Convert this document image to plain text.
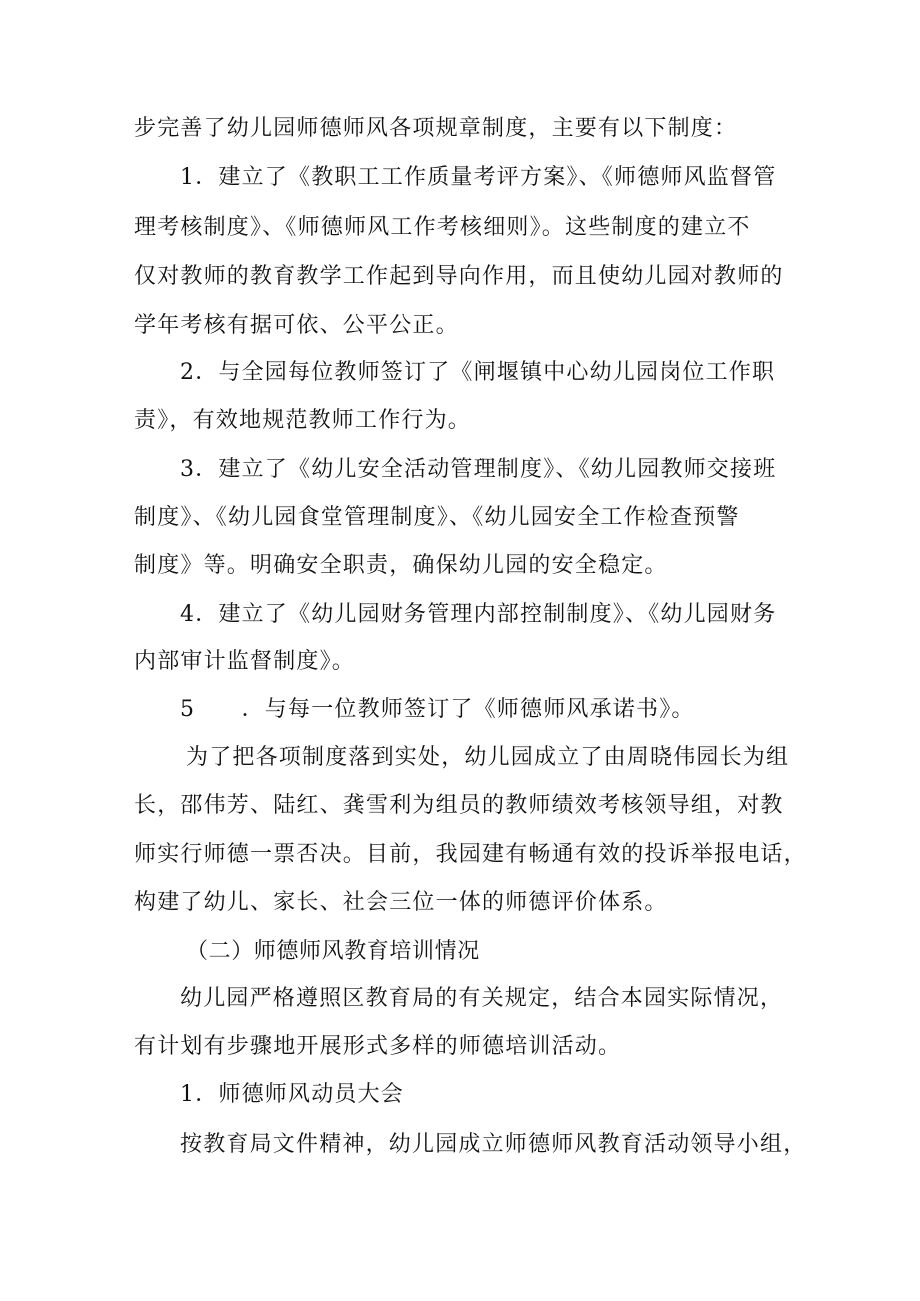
步完善了幼儿园师德师风各项规章制度，主要有以下制度：
1．建立了《教职工工作质量考评方案》、《师德师风监督管
理考核制度》、《师德师风工作考核细则》。这些制度的建立不
仅对教师的教育教学工作起到导向作用，而且使幼儿园对教师的
学年考核有据可依、公平公正。
2．与全园每位教师签订了《闸堰镇中心幼儿园岗位工作职
责》，有效地规范教师工作行为。
3．建立了《幼儿安全活动管理制度》、《幼儿园教师交接班
制度》、《幼儿园食堂管理制度》、《幼儿园安全工作检查预警
制度》等。明确安全职责，确保幼儿园的安全稳定。
4．建立了《幼儿园财务管理内部控制制度》、《幼儿园财务
内部审计监督制度》。
5　　．与每一位教师签订了《师德师风承诺书》。
为了把各项制度落到实处，幼儿园成立了由周晓伟园长为组
长，邵伟芳、陆红、龚雪利为组员的教师绩效考核领导组，对教
师实行师德一票否决。目前，我园建有畅通有效的投诉举报电话，
构建了幼儿、家长、社会三位一体的师德评价体系。
（二）师德师风教育培训情况
幼儿园严格遵照区教育局的有关规定，结合本园实际情况，
有计划有步骤地开展形式多样的师德培训活动。
1．师德师风动员大会
按教育局文件精神，幼儿园成立师德师风教育活动领导小组，
